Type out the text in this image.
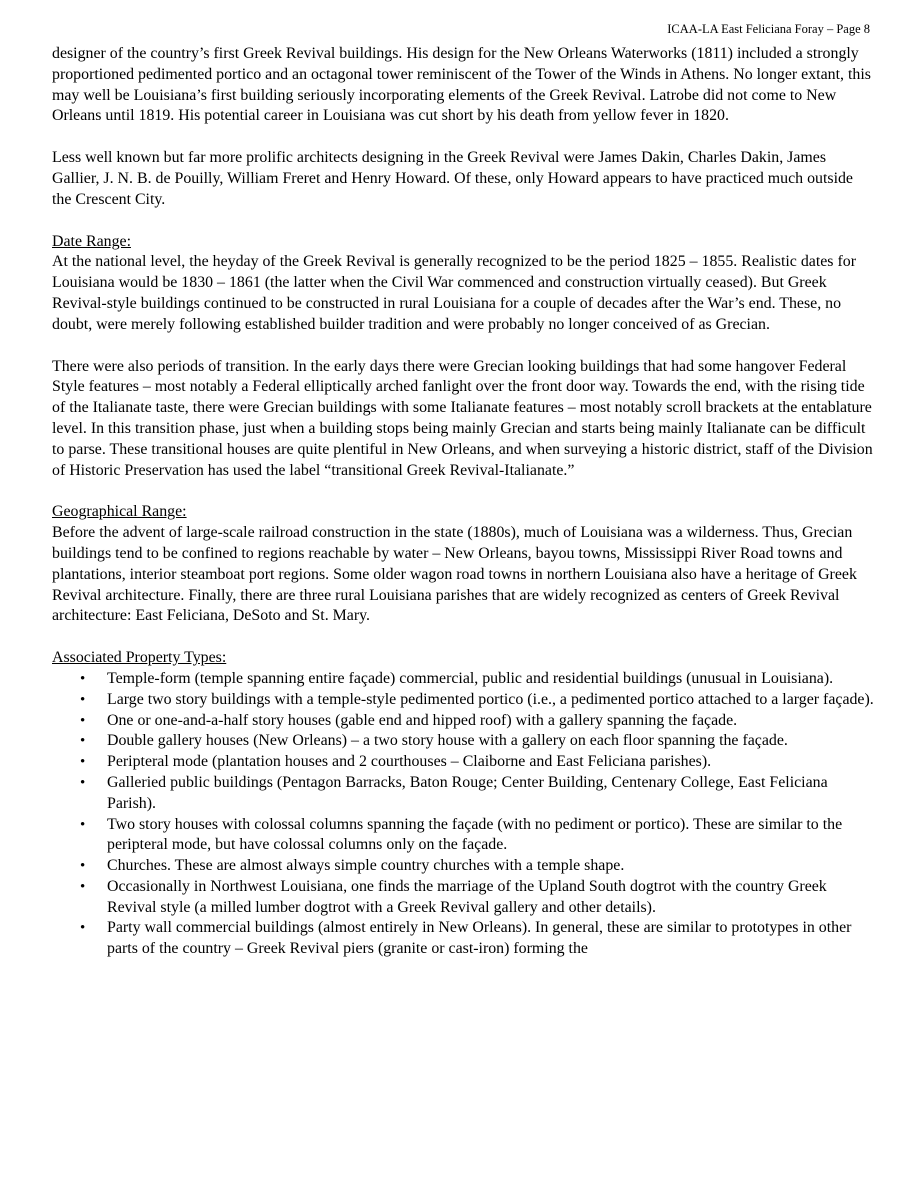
ICAA-LA East Feliciana Foray – Page 8

designer of the country’s first Greek Revival buildings. His design for the New Orleans Waterworks (1811) included a strongly proportioned pedimented portico and an octagonal tower reminiscent of the Tower of the Winds in Athens. No longer extant, this may well be Louisiana’s first building seriously incorporating elements of the Greek Revival. Latrobe did not come to New Orleans until 1819. His potential career in Louisiana was cut short by his death from yellow fever in 1820.

Less well known but far more prolific architects designing in the Greek Revival were James Dakin, Charles Dakin, James Gallier, J. N. B. de Pouilly, William Freret and Henry Howard. Of these, only Howard appears to have practiced much outside the Crescent City.

Date Range:

At the national level, the heyday of the Greek Revival is generally recognized to be the period 1825 – 1855. Realistic dates for Louisiana would be 1830 – 1861 (the latter when the Civil War commenced and construction virtually ceased). But Greek Revival-style buildings continued to be constructed in rural Louisiana for a couple of decades after the War’s end. These, no doubt, were merely following established builder tradition and were probably no longer conceived of as Grecian.

There were also periods of transition. In the early days there were Grecian looking buildings that had some hangover Federal Style features – most notably a Federal elliptically arched fanlight over the front door way. Towards the end, with the rising tide of the Italianate taste, there were Grecian buildings with some Italianate features – most notably scroll brackets at the entablature level. In this transition phase, just when a building stops being mainly Grecian and starts being mainly Italianate can be difficult to parse. These transitional houses are quite plentiful in New Orleans, and when surveying a historic district, staff of the Division of Historic Preservation has used the label “transitional Greek Revival-Italianate.”

Geographical Range:

Before the advent of large-scale railroad construction in the state (1880s), much of Louisiana was a wilderness. Thus, Grecian buildings tend to be confined to regions reachable by water – New Orleans, bayou towns, Mississippi River Road towns and plantations, interior steamboat port regions. Some older wagon road towns in northern Louisiana also have a heritage of Greek Revival architecture. Finally, there are three rural Louisiana parishes that are widely recognized as centers of Greek Revival architecture: East Feliciana, DeSoto and St. Mary.

Associated Property Types:

• Temple-form (temple spanning entire façade) commercial, public and residential buildings (unusual in Louisiana).
• Large two story buildings with a temple-style pedimented portico (i.e., a pedimented portico attached to a larger façade).
• One or one-and-a-half story houses (gable end and hipped roof) with a gallery spanning the façade.
• Double gallery houses (New Orleans) – a two story house with a gallery on each floor spanning the façade.
• Peripteral mode (plantation houses and 2 courthouses – Claiborne and East Feliciana parishes).
• Galleried public buildings (Pentagon Barracks, Baton Rouge; Center Building, Centenary College, East Feliciana Parish).
• Two story houses with colossal columns spanning the façade (with no pediment or portico). These are similar to the peripteral mode, but have colossal columns only on the façade.
• Churches. These are almost always simple country churches with a temple shape.
• Occasionally in Northwest Louisiana, one finds the marriage of the Upland South dogtrot with the country Greek Revival style (a milled lumber dogtrot with a Greek Revival gallery and other details).
• Party wall commercial buildings (almost entirely in New Orleans). In general, these are similar to prototypes in other parts of the country – Greek Revival piers (granite or cast-iron) forming the
